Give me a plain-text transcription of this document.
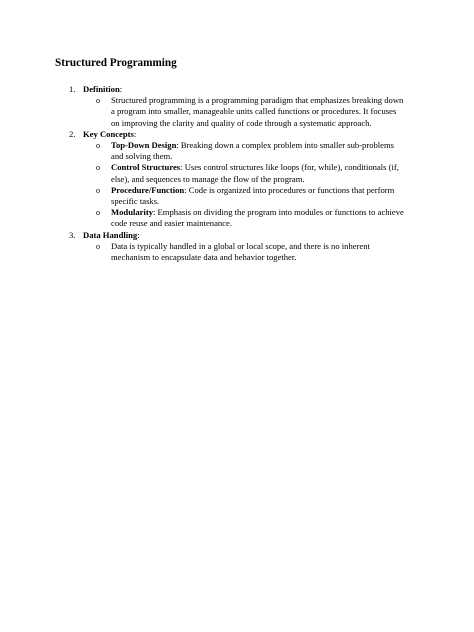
Structured Programming
1. Definition:
o Structured programming is a programming paradigm that emphasizes breaking down a program into smaller, manageable units called functions or procedures. It focuses on improving the clarity and quality of code through a systematic approach.
2. Key Concepts:
o Top-Down Design: Breaking down a complex problem into smaller sub-problems and solving them.
o Control Structures: Uses control structures like loops (for, while), conditionals (if, else), and sequences to manage the flow of the program.
o Procedure/Function: Code is organized into procedures or functions that perform specific tasks.
o Modularity: Emphasis on dividing the program into modules or functions to achieve code reuse and easier maintenance.
3. Data Handling:
o Data is typically handled in a global or local scope, and there is no inherent mechanism to encapsulate data and behavior together.
